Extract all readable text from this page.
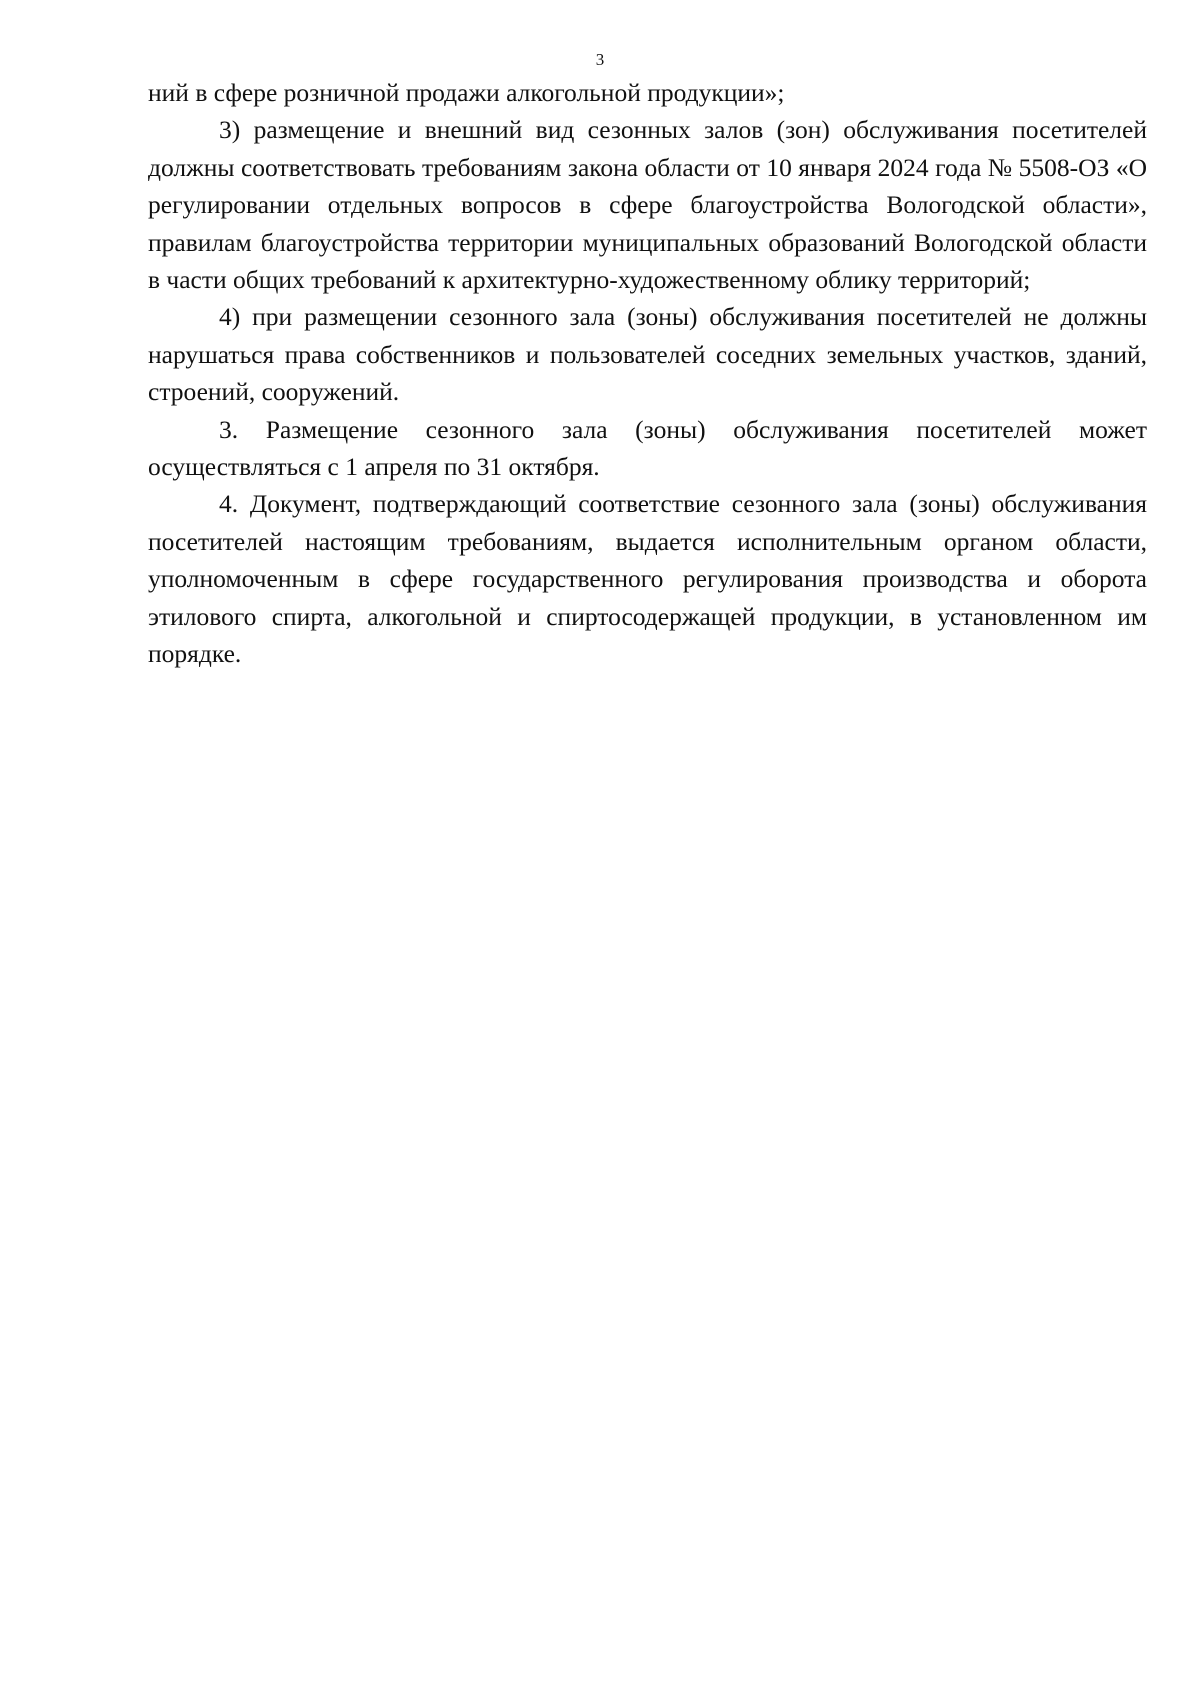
3

ний в сфере розничной продажи алкогольной продукции»;

3) размещение и внешний вид сезонных залов (зон) обслуживания посетителей должны соответствовать требованиям закона области от 10 января 2024 года № 5508-ОЗ «О регулировании отдельных вопросов в сфере благоустройства Вологодской области», правилам благоустройства территории муниципальных образований Вологодской области в части общих требований к архитектурно-художественному облику территорий;

4) при размещении сезонного зала (зоны) обслуживания посетителей не должны нарушаться права собственников и пользователей соседних земельных участков, зданий, строений, сооружений.

3. Размещение сезонного зала (зоны) обслуживания посетителей может осуществляться с 1 апреля по 31 октября.

4. Документ, подтверждающий соответствие сезонного зала (зоны) обслуживания посетителей настоящим требованиям, выдается исполнительным органом области, уполномоченным в сфере государственного регулирования производства и оборота этилового спирта, алкогольной и спиртосодержащей продукции, в установленном им порядке.
